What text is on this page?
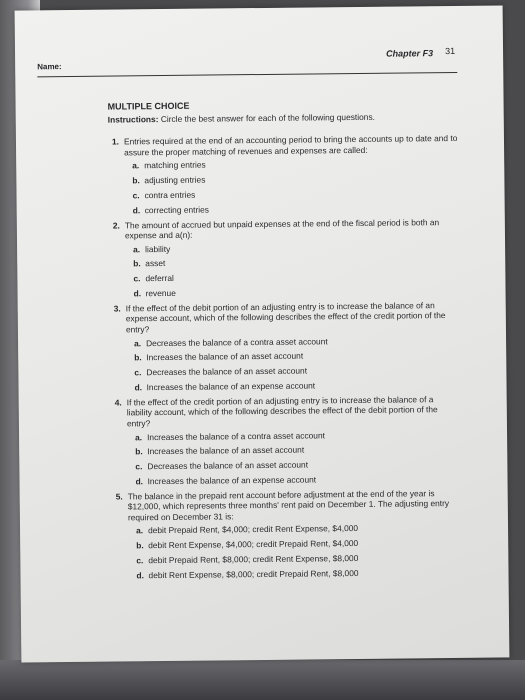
Name:
Chapter F3 31
MULTIPLE CHOICE
Instructions: Circle the best answer for each of the following questions.
1. Entries required at the end of an accounting period to bring the accounts up to date and to assure the proper matching of revenues and expenses are called:
a. matching entries
b. adjusting entries
c. contra entries
d. correcting entries
2. The amount of accrued but unpaid expenses at the end of the fiscal period is both an expense and a(n):
a. liability
b. asset
c. deferral
d. revenue
3. If the effect of the debit portion of an adjusting entry is to increase the balance of an expense account, which of the following describes the effect of the credit portion of the entry?
a. Decreases the balance of a contra asset account
b. Increases the balance of an asset account
c. Decreases the balance of an asset account
d. Increases the balance of an expense account
4. If the effect of the credit portion of an adjusting entry is to increase the balance of a liability account, which of the following describes the effect of the debit portion of the entry?
a. Increases the balance of a contra asset account
b. Increases the balance of an asset account
c. Decreases the balance of an asset account
d. Increases the balance of an expense account
5. The balance in the prepaid rent account before adjustment at the end of the year is $12,000, which represents three months' rent paid on December 1. The adjusting entry required on December 31 is:
a. debit Prepaid Rent, $4,000; credit Rent Expense, $4,000
b. debit Rent Expense, $4,000; credit Prepaid Rent, $4,000
c. debit Prepaid Rent, $8,000; credit Rent Expense, $8,000
d. debit Rent Expense, $8,000; credit Prepaid Rent, $8,000
